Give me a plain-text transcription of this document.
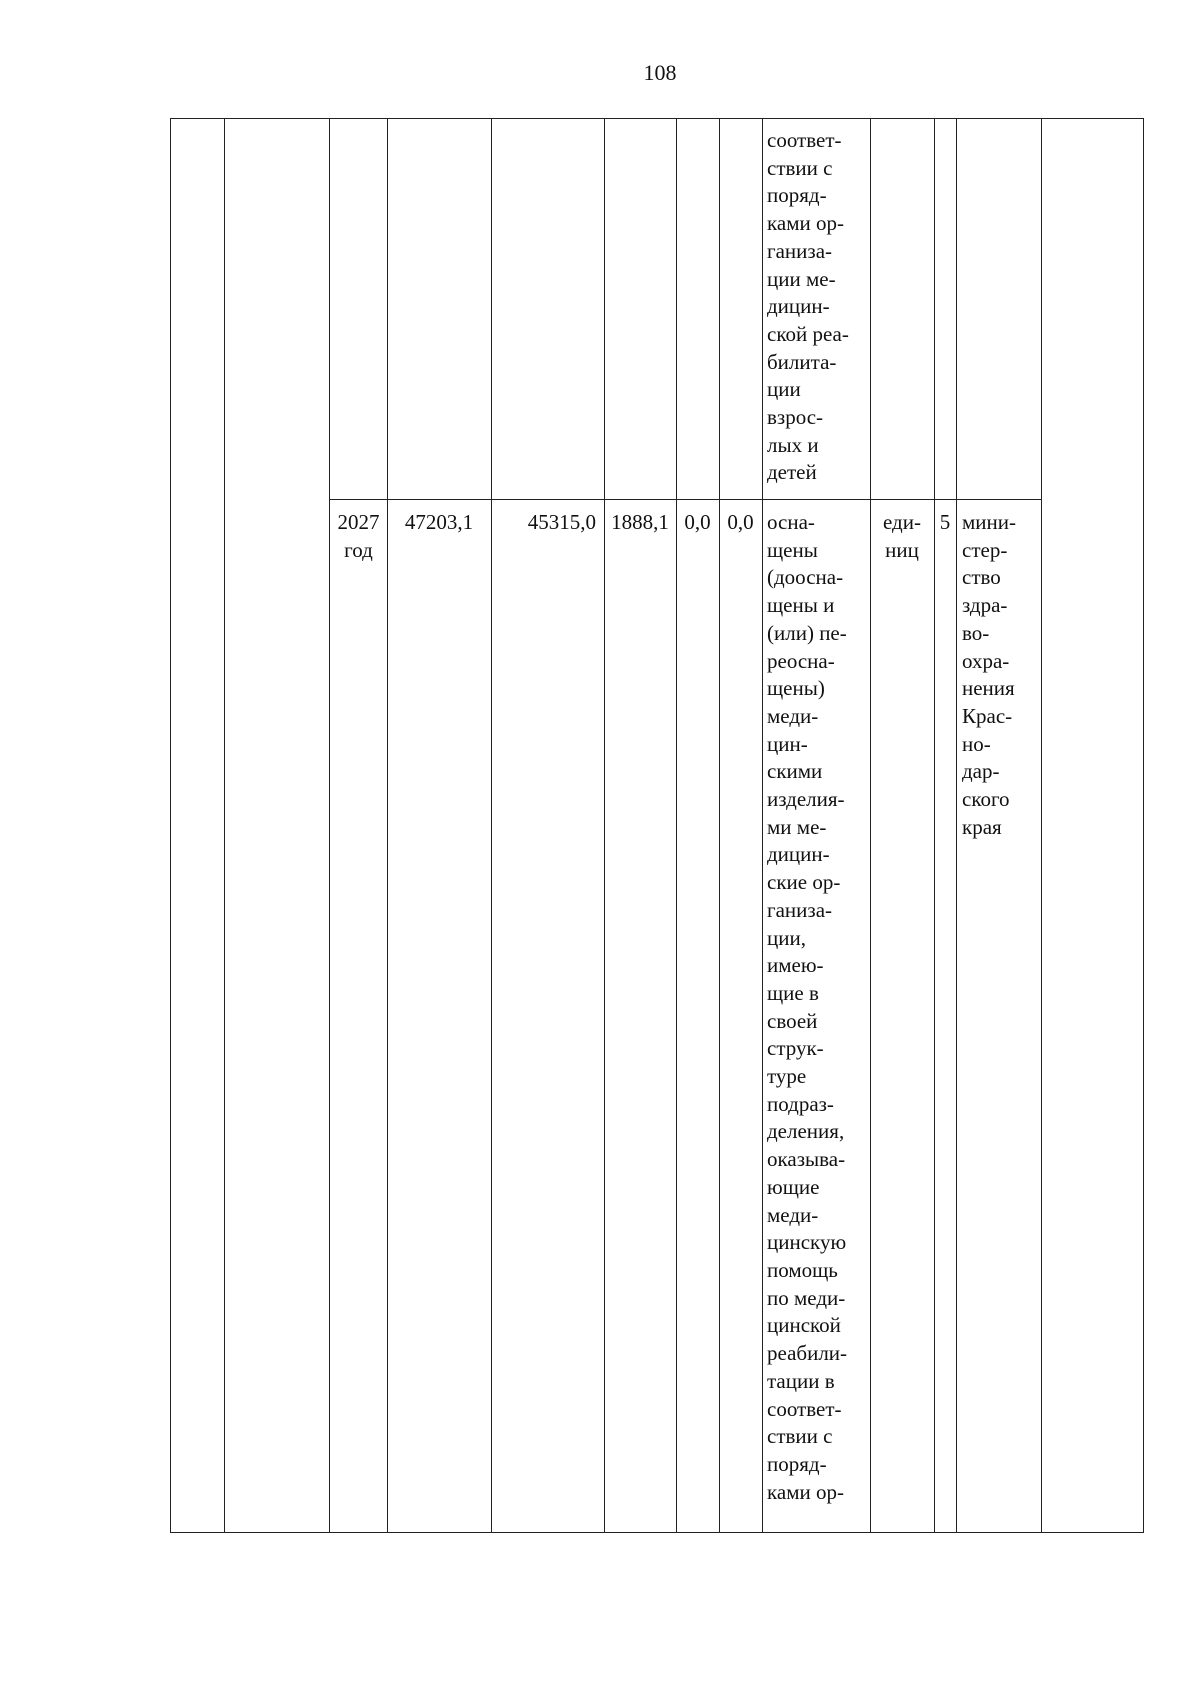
108
соответ-
ствии с
поряд-
ками ор-
ганиза-
ции ме-
дицин-
ской реа-
билита-
ции
взрос-
лых и
детей
2027
год
47203,1	45315,0 1888,1 0,0 0,0 осна-
щены
(доосна-
щены и
(или) пе-
реосна-
щены)
меди-
цин-
скими
изделия-
ми ме-
дицин-
ские ор-
ганиза-
ции,
имею-
щие в
своей
струк-
туре
подраз-
деления,
оказыва-
ющие
меди-
цинскую
помощь
по меди-
цинской
реабили-
тации в
соответ-
ствии с
поряд-
ками ор-
еди-
ниц
5 мини-
стер-
ство
здра-
во-
охра-
нения
Крас-
но-
дар-
ского
края
